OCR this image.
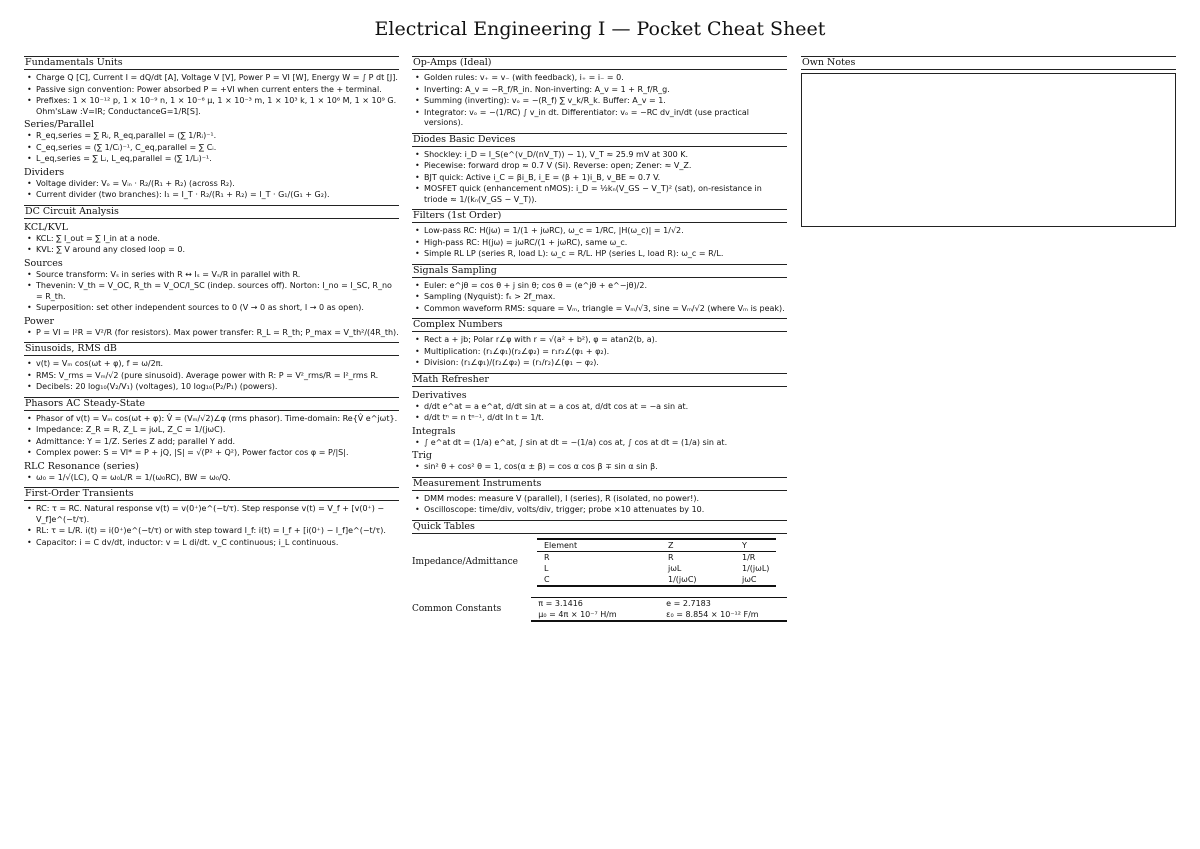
Electrical Engineering I — Pocket Cheat Sheet
Fundamentals Units
• Charge Q [C], Current I = dQ/dt [A], Voltage V [V], Power P = VI [W], Energy W = ∫ P dt [J].
• Passive sign convention: Power absorbed P = +VI when current enters the + terminal.
• Prefixes: 1 × 10⁻¹² p, 1 × 10⁻⁹ n, 1 × 10⁻⁶ μ, 1 × 10⁻³ m, 1 × 10³ k, 1 × 10⁶ M, 1 × 10⁹ G. Ohm'sLaw :V=IR; ConductanceG=1/R[S].
Series/Parallel
• R_eq,series = ∑ Rᵢ, R_eq,parallel = (∑ 1/Rᵢ)⁻¹.
• C_eq,series = (∑ 1/Cᵢ)⁻¹, C_eq,parallel = ∑ Cᵢ.
• L_eq,series = ∑ Lᵢ, L_eq,parallel = (∑ 1/Lᵢ)⁻¹.
Dividers
• Voltage divider: Vₒ = Vᵢₙ · R₂/(R₁ + R₂) (across R₂).
• Current divider (two branches): I₁ = I_T · R₂/(R₁ + R₂) = I_T · G₁/(G₁ + G₂).
DC Circuit Analysis
KCL/KVL
• KCL: ∑ I_out = ∑ I_in at a node.
• KVL: ∑ V around any closed loop = 0.
Sources
• Source transform: Vₛ in series with R ↔ Iₛ = Vₛ/R in parallel with R.
• Thevenin: V_th = V_OC, R_th = V_OC/I_SC (indep. sources off). Norton: I_no = I_SC, R_no = R_th.
• Superposition: set other independent sources to 0 (V → 0 as short, I → 0 as open).
Power
• P = VI = I²R = V²/R (for resistors). Max power transfer: R_L = R_th; P_max = V_th²/(4R_th).
Sinusoids, RMS dB
• v(t) = Vₘ cos(ωt + φ), f = ω/2π.
• RMS: V_rms = Vₘ/√2 (pure sinusoid). Average power with R: P = V²_rms/R = I²_rms R.
• Decibels: 20 log₁₀(V₂/V₁) (voltages), 10 log₁₀(P₂/P₁) (powers).
Phasors AC Steady-State
• Phasor of v(t) = Vₘ cos(ωt + φ): V̂ = (Vₘ/√2)∠φ (rms phasor). Time-domain: Re{V̂ e^jωt}.
• Impedance: Z_R = R, Z_L = jωL, Z_C = 1/(jωC).
• Admittance: Y = 1/Z. Series Z add; parallel Y add.
• Complex power: S = VI* = P + jQ, |S| = √(P² + Q²), Power factor cos φ = P/|S|.
RLC Resonance (series)
• ω₀ = 1/√(LC), Q = ω₀L/R = 1/(ω₀RC), BW = ω₀/Q.
First-Order Transients
• RC: τ = RC. Natural response v(t) = v(0⁺)e^(−t/τ). Step response v(t) = V_f + [v(0⁺) − V_f]e^(−t/τ).
• RL: τ = L/R. i(t) = i(0⁺)e^(−t/τ) or with step toward I_f: i(t) = I_f + [i(0⁺) − I_f]e^(−t/τ).
• Capacitor: i = C dv/dt, inductor: v = L di/dt. v_C continuous; i_L continuous.
Op-Amps (Ideal)
• Golden rules: v₊ = v₋ (with feedback), i₊ = i₋ = 0.
• Inverting: A_v = −R_f/R_in. Non-inverting: A_v = 1 + R_f/R_g.
• Summing (inverting): vₒ = −(R_f) ∑ v_k/R_k. Buffer: A_v = 1.
• Integrator: vₒ = −(1/RC) ∫ v_in dt. Differentiator: vₒ = −RC dv_in/dt (use practical versions).
Diodes Basic Devices
• Shockley: i_D = I_S(e^(v_D/(nV_T)) − 1), V_T ≈ 25.9 mV at 300 K.
• Piecewise: forward drop ≈ 0.7 V (Si). Reverse: open; Zener: ≈ V_Z.
• BJT quick: Active i_C = βi_B, i_E = (β + 1)i_B, v_BE ≈ 0.7 V.
• MOSFET quick (enhancement nMOS): i_D = ½kₙ(V_GS − V_T)² (sat), on-resistance in triode ≈ 1/(kₙ(V_GS − V_T)).
Filters (1st Order)
• Low-pass RC: H(jω) = 1/(1 + jωRC), ω_c = 1/RC, |H(ω_c)| = 1/√2.
• High-pass RC: H(jω) = jωRC/(1 + jωRC), same ω_c.
• Simple RL LP (series R, load L): ω_c = R/L. HP (series L, load R): ω_c = R/L.
Signals Sampling
• Euler: e^jθ = cos θ + j sin θ; cos θ = (e^jθ + e^−jθ)/2.
• Sampling (Nyquist): fₛ > 2f_max.
• Common waveform RMS: square = Vₘ, triangle = Vₘ/√3, sine = Vₘ/√2 (where Vₘ is peak).
Complex Numbers
• Rect a + jb; Polar r∠φ with r = √(a² + b²), φ = atan2(b, a).
• Multiplication: (r₁∠φ₁)(r₂∠φ₂) = r₁r₂∠(φ₁ + φ₂).
• Division: (r₁∠φ₁)/(r₂∠φ₂) = (r₁/r₂)∠(φ₁ − φ₂).
Math Refresher
Derivatives
• d/dt e^at = a e^at, d/dt sin at = a cos at, d/dt cos at = −a sin at.
• d/dt tⁿ = n tⁿ⁻¹, d/dt ln t = 1/t.
Integrals
• ∫ e^at dt = (1/a) e^at, ∫ sin at dt = −(1/a) cos at, ∫ cos at dt = (1/a) sin at.
Trig
• sin² θ + cos² θ = 1, cos(α ± β) = cos α cos β ∓ sin α sin β.
Measurement Instruments
• DMM modes: measure V (parallel), I (series), R (isolated, no power!).
• Oscilloscope: time/div, volts/div, trigger; probe ×10 attenuates by 10.
Quick Tables
Impedance/Admittance
Element	Z	Y
R	R	1/R
L	jωL	1/(jωL)
C	1/(jωC)	jωC
Common Constants
π = 3.1416	e = 2.7183
μ₀ = 4π × 10⁻⁷ H/m	ε₀ = 8.854 × 10⁻¹² F/m
Own Notes
